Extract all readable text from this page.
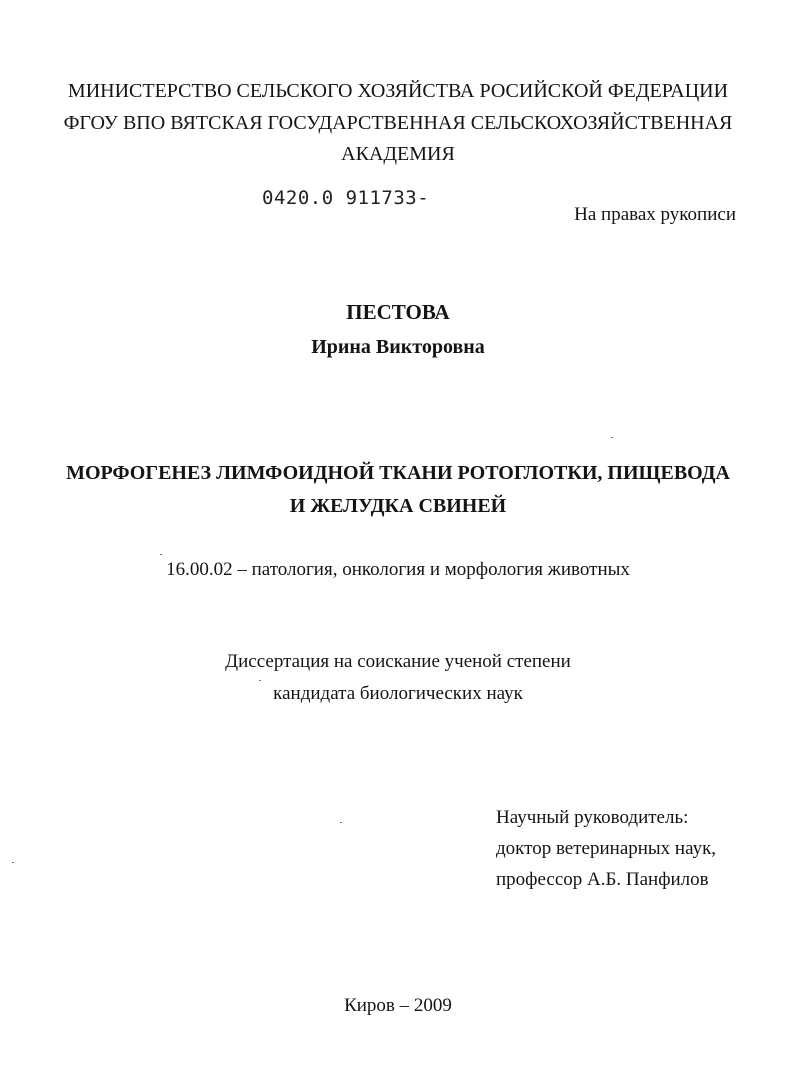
МИНИСТЕРСТВО СЕЛЬСКОГО ХОЗЯЙСТВА РОСИЙСКОЙ ФЕДЕРАЦИИ
ФГОУ ВПО ВЯТСКАЯ ГОСУДАРСТВЕННАЯ СЕЛЬСКОХОЗЯЙСТВЕННАЯ
АКАДЕМИЯ
0420.0 911733-
На правах рукописи
ПЕСТОВА
Ирина Викторовна
МОРФОГЕНЕЗ ЛИМФОИДНОЙ ТКАНИ РОТОГЛОТКИ, ПИЩЕВОДА
И ЖЕЛУДКА СВИНЕЙ
16.00.02 – патология, онкология и морфология животных
Диссертация на соискание ученой степени
кандидата биологических наук
Научный руководитель:
доктор ветеринарных наук,
профессор А.Б. Панфилов
Киров – 2009
